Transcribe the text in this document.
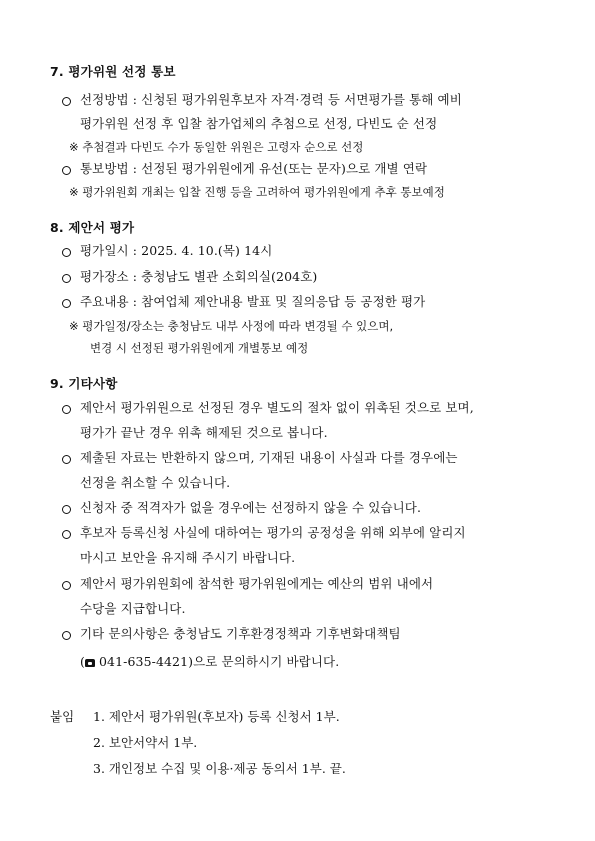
7. 평가위원 선정 통보
선정방법 : 신청된 평가위원후보자 자격·경력 등 서면평가를 통해 예비
평가위원 선정 후 입찰 참가업체의 추첨으로 선정, 다빈도 순 선정
※ 추첨결과 다빈도 수가 동일한 위원은 고령자 순으로 선정
통보방법 : 선정된 평가위원에게 유선(또는 문자)으로 개별 연락
※ 평가위원회 개최는 입찰 진행 등을 고려하여 평가위원에게 추후 통보예정
8. 제안서 평가
평가일시 : 2025. 4. 10.(목) 14시
평가장소 : 충청남도 별관 소회의실(204호)
주요내용 : 참여업체 제안내용 발표 및 질의응답 등 공정한 평가
※ 평가일정/장소는 충청남도 내부 사정에 따라 변경될 수 있으며,
변경 시 선정된 평가위원에게 개별통보 예정
9. 기타사항
제안서 평가위원으로 선정된 경우 별도의 절차 없이 위촉된 것으로 보며,
평가가 끝난 경우 위촉 해제된 것으로 봅니다.
제출된 자료는 반환하지 않으며, 기재된 내용이 사실과 다를 경우에는
선정을 취소할 수 있습니다.
신청자 중 적격자가 없을 경우에는 선정하지 않을 수 있습니다.
후보자 등록신청 사실에 대하여는 평가의 공정성을 위해 외부에 알리지
마시고 보안을 유지해 주시기 바랍니다.
제안서 평가위원회에 참석한 평가위원에게는 예산의 범위 내에서
수당을 지급합니다.
기타 문의사항은 충청남도 기후환경정책과 기후변화대책팀
( 041-635-4421)으로 문의하시기 바랍니다.
붙임 1. 제안서 평가위원(후보자) 등록 신청서 1부.
2. 보안서약서 1부.
3. 개인정보 수집 및 이용·제공 동의서 1부. 끝.
